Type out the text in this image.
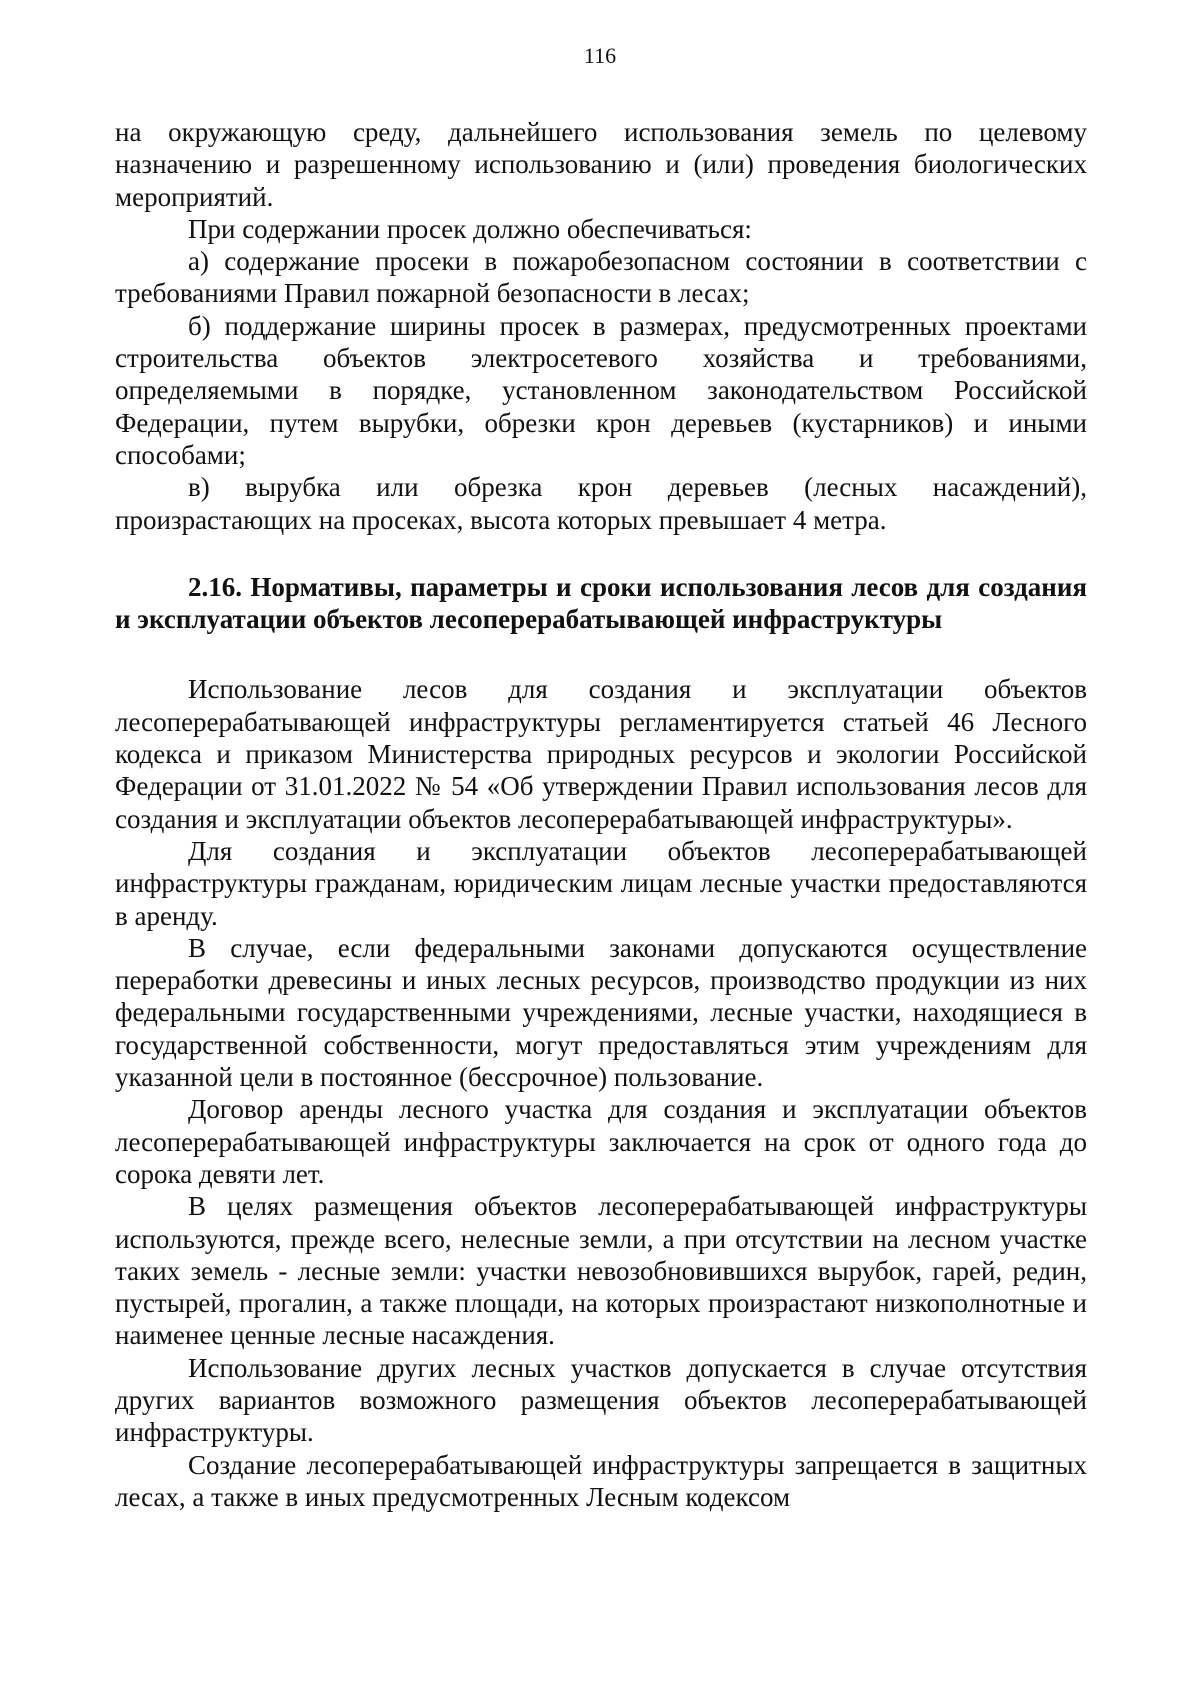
116

на окружающую среду, дальнейшего использования земель по целевому назначению и разрешенному использованию и (или) проведения биологических мероприятий.

При содержании просек должно обеспечиваться:

а) содержание просеки в пожаробезопасном состоянии в соответствии с требованиями Правил пожарной безопасности в лесах;

б) поддержание ширины просек в размерах, предусмотренных проектами строительства объектов электросетевого хозяйства и требованиями, определяемыми в порядке, установленном законодательством Российской Федерации, путем вырубки, обрезки крон деревьев (кустарников) и иными способами;

в) вырубка или обрезка крон деревьев (лесных насаждений), произрастающих на просеках, высота которых превышает 4 метра.

2.16. Нормативы, параметры и сроки использования лесов для создания и эксплуатации объектов лесоперерабатывающей инфраструктуры

Использование лесов для создания и эксплуатации объектов лесоперерабатывающей инфраструктуры регламентируется статьей 46 Лесного кодекса и приказом Министерства природных ресурсов и экологии Российской Федерации от 31.01.2022 № 54 «Об утверждении Правил использования лесов для создания и эксплуатации объектов лесоперерабатывающей инфраструктуры».

Для создания и эксплуатации объектов лесоперерабатывающей инфраструктуры гражданам, юридическим лицам лесные участки предоставляются в аренду.

В случае, если федеральными законами допускаются осуществление переработки древесины и иных лесных ресурсов, производство продукции из них федеральными государственными учреждениями, лесные участки, находящиеся в государственной собственности, могут предоставляться этим учреждениям для указанной цели в постоянное (бессрочное) пользование.

Договор аренды лесного участка для создания и эксплуатации объектов лесоперерабатывающей инфраструктуры заключается на срок от одного года до сорока девяти лет.

В целях размещения объектов лесоперерабатывающей инфраструктуры используются, прежде всего, нелесные земли, а при отсутствии на лесном участке таких земель - лесные земли: участки невозобновившихся вырубок, гарей, редин, пустырей, прогалин, а также площади, на которых произрастают низкополнотные и наименее ценные лесные насаждения.

Использование других лесных участков допускается в случае отсутствия других вариантов возможного размещения объектов лесоперерабатывающей инфраструктуры.

Создание лесоперерабатывающей инфраструктуры запрещается в защитных лесах, а также в иных предусмотренных Лесным кодексом
